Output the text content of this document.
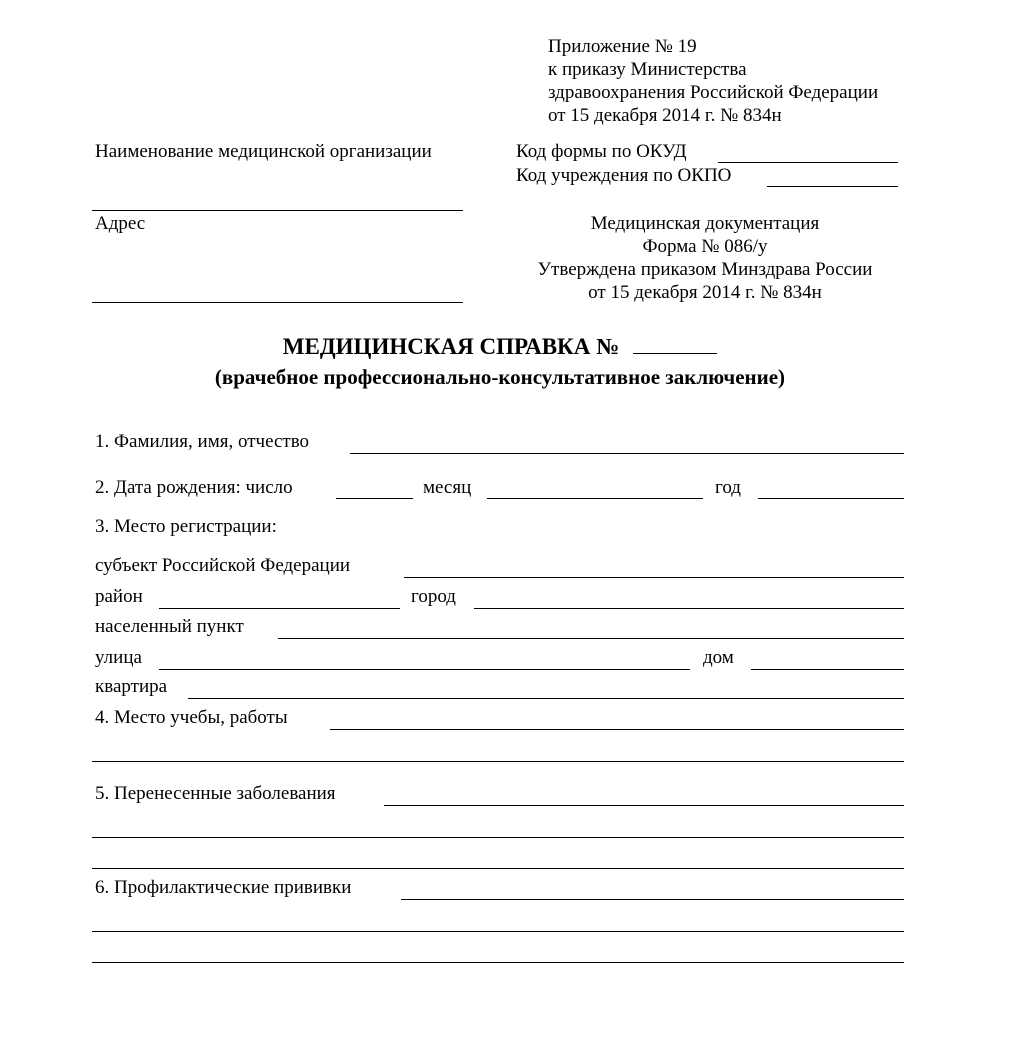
Приложение № 19
к приказу Министерства
здравоохранения Российской Федерации
от 15 декабря 2014 г. № 834н
Наименование медицинской организации	Код формы по ОКУД
Код учреждения по ОКПО
Адрес	Медицинская документация
Форма № 086/у
Утверждена приказом Минздрава России
от 15 декабря 2014 г. № 834н
МЕДИЦИНСКАЯ СПРАВКА №
(врачебное профессионально-консультативное заключение)
1. Фамилия, имя, отчество
2. Дата рождения: число	месяц	год
3. Место регистрации:
субъект Российской Федерации
район	город
населенный пункт
улица	дом
квартира
4. Место учебы, работы
5. Перенесенные заболевания
6. Профилактические прививки
